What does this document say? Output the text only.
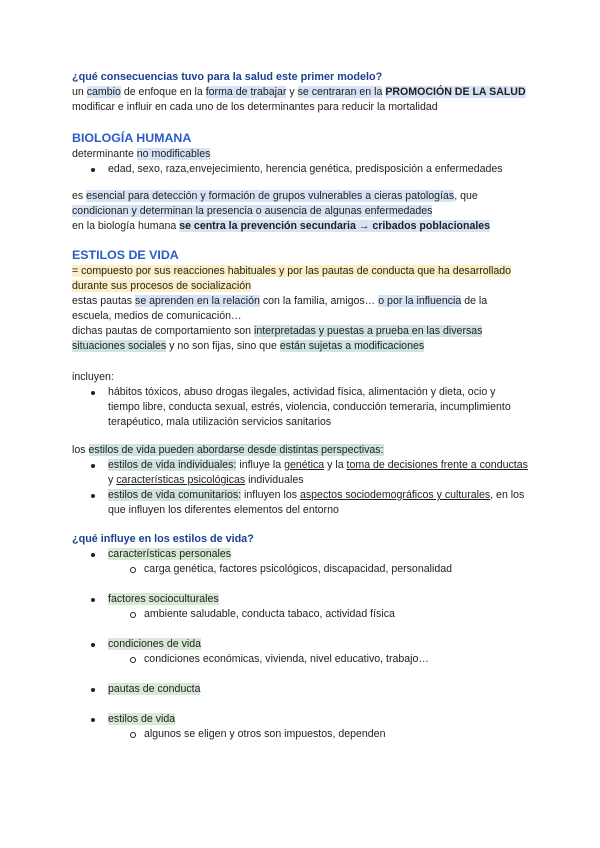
¿qué consecuencias tuvo para la salud este primer modelo?
un cambio de enfoque en la forma de trabajar y se centraran en la PROMOCIÓN DE LA SALUD
modificar e influir en cada uno de los determinantes para reducir la mortalidad
BIOLOGÍA HUMANA
determinante no modificables
edad, sexo, raza,envejecimiento, herencia genética, predisposición a enfermedades
es esencial para detección y formación de grupos vulnerables a cieras patologías, que condicionan y determinan la presencia o ausencia de algunas enfermedades
en la biología humana se centra la prevención secundaria → cribados poblacionales
ESTILOS DE VIDA
= compuesto por sus reacciones habituales y por las pautas de conducta que ha desarrollado durante sus procesos de socialización
estas pautas se aprenden en la relación con la familia, amigos… o por la influencia de la escuela, medios de comunicación…
dichas pautas de comportamiento son interpretadas y puestas a prueba en las diversas situaciones sociales y no son fijas, sino que están sujetas a modificaciones
incluyen:
hábitos tóxicos, abuso drogas ilegales, actividad física, alimentación y dieta, ocio y tiempo libre, conducta sexual, estrés, violencia, conducción temeraria, incumplimiento terapéutico, mala utilización servicios sanitarios
los estilos de vida pueden abordarse desde distintas perspectivas:
estilos de vida individuales: influye la genética y la toma de decisiones frente a conductas y características psicológicas individuales
estilos de vida comunitarios: influyen los aspectos sociodemográficos y culturales, en los que influyen los diferentes elementos del entorno
¿qué influye en los estilos de vida?
características personales
carga genética, factores psicológicos, discapacidad, personalidad
factores socioculturales
ambiente saludable, conducta tabaco, actividad física
condiciones de vida
condiciones económicas, vivienda, nivel educativo, trabajo…
pautas de conducta
estilos de vida
algunos se eligen y otros son impuestos, dependen
